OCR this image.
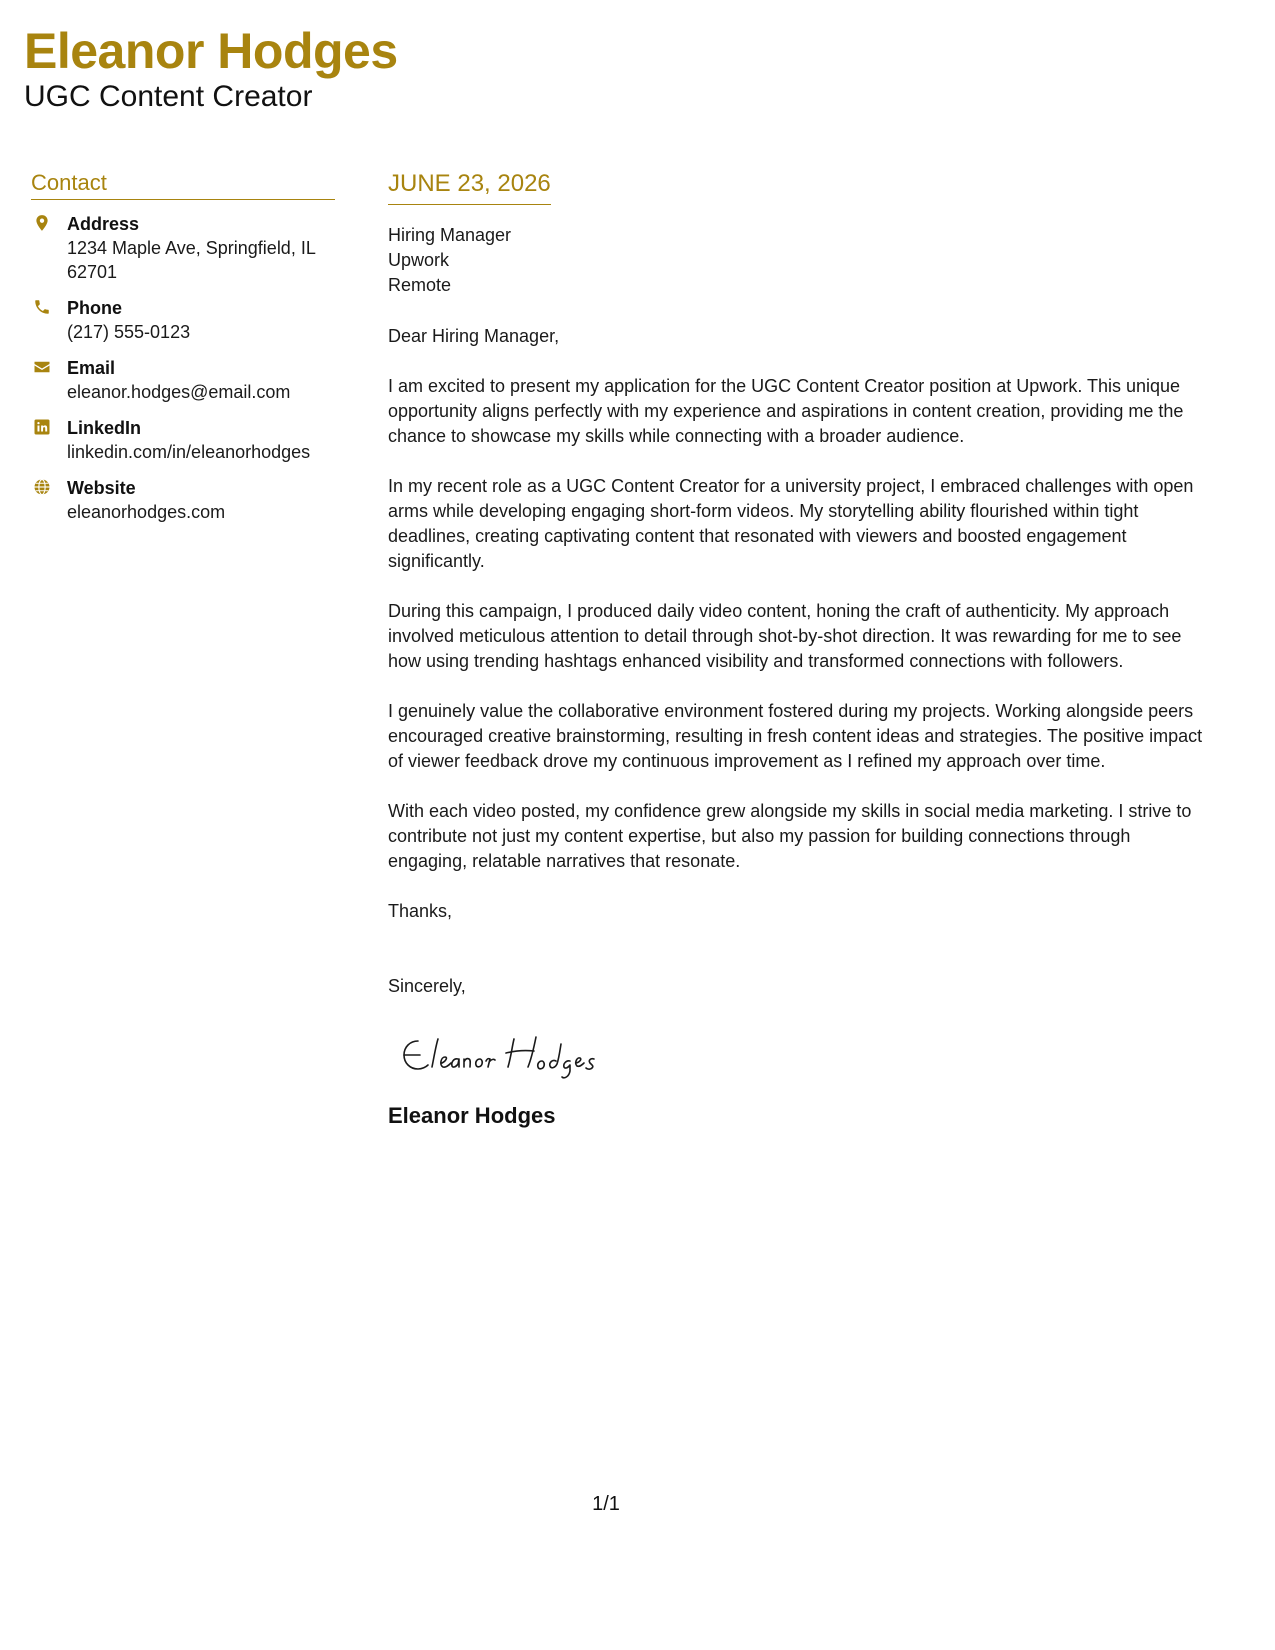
Eleanor Hodges
UGC Content Creator
Contact
Address
1234 Maple Ave, Springfield, IL 62701
Phone
(217) 555-0123
Email
eleanor.hodges@email.com
LinkedIn
linkedin.com/in/eleanorhodges
Website
eleanorhodges.com
JUNE 23, 2026
Hiring Manager
Upwork
Remote

Dear Hiring Manager,

I am excited to present my application for the UGC Content Creator position at Upwork. This unique opportunity aligns perfectly with my experience and aspirations in content creation, providing me the chance to showcase my skills while connecting with a broader audience.

In my recent role as a UGC Content Creator for a university project, I embraced challenges with open arms while developing engaging short-form videos. My storytelling ability flourished within tight deadlines, creating captivating content that resonated with viewers and boosted engagement significantly.

During this campaign, I produced daily video content, honing the craft of authenticity. My approach involved meticulous attention to detail through shot-by-shot direction. It was rewarding for me to see how using trending hashtags enhanced visibility and transformed connections with followers.

I genuinely value the collaborative environment fostered during my projects. Working alongside peers encouraged creative brainstorming, resulting in fresh content ideas and strategies. The positive impact of viewer feedback drove my continuous improvement as I refined my approach over time.

With each video posted, my confidence grew alongside my skills in social media marketing. I strive to contribute not just my content expertise, but also my passion for building connections through engaging, relatable narratives that resonate.

Thanks,

Sincerely,

Eleanor Hodges
1/1
